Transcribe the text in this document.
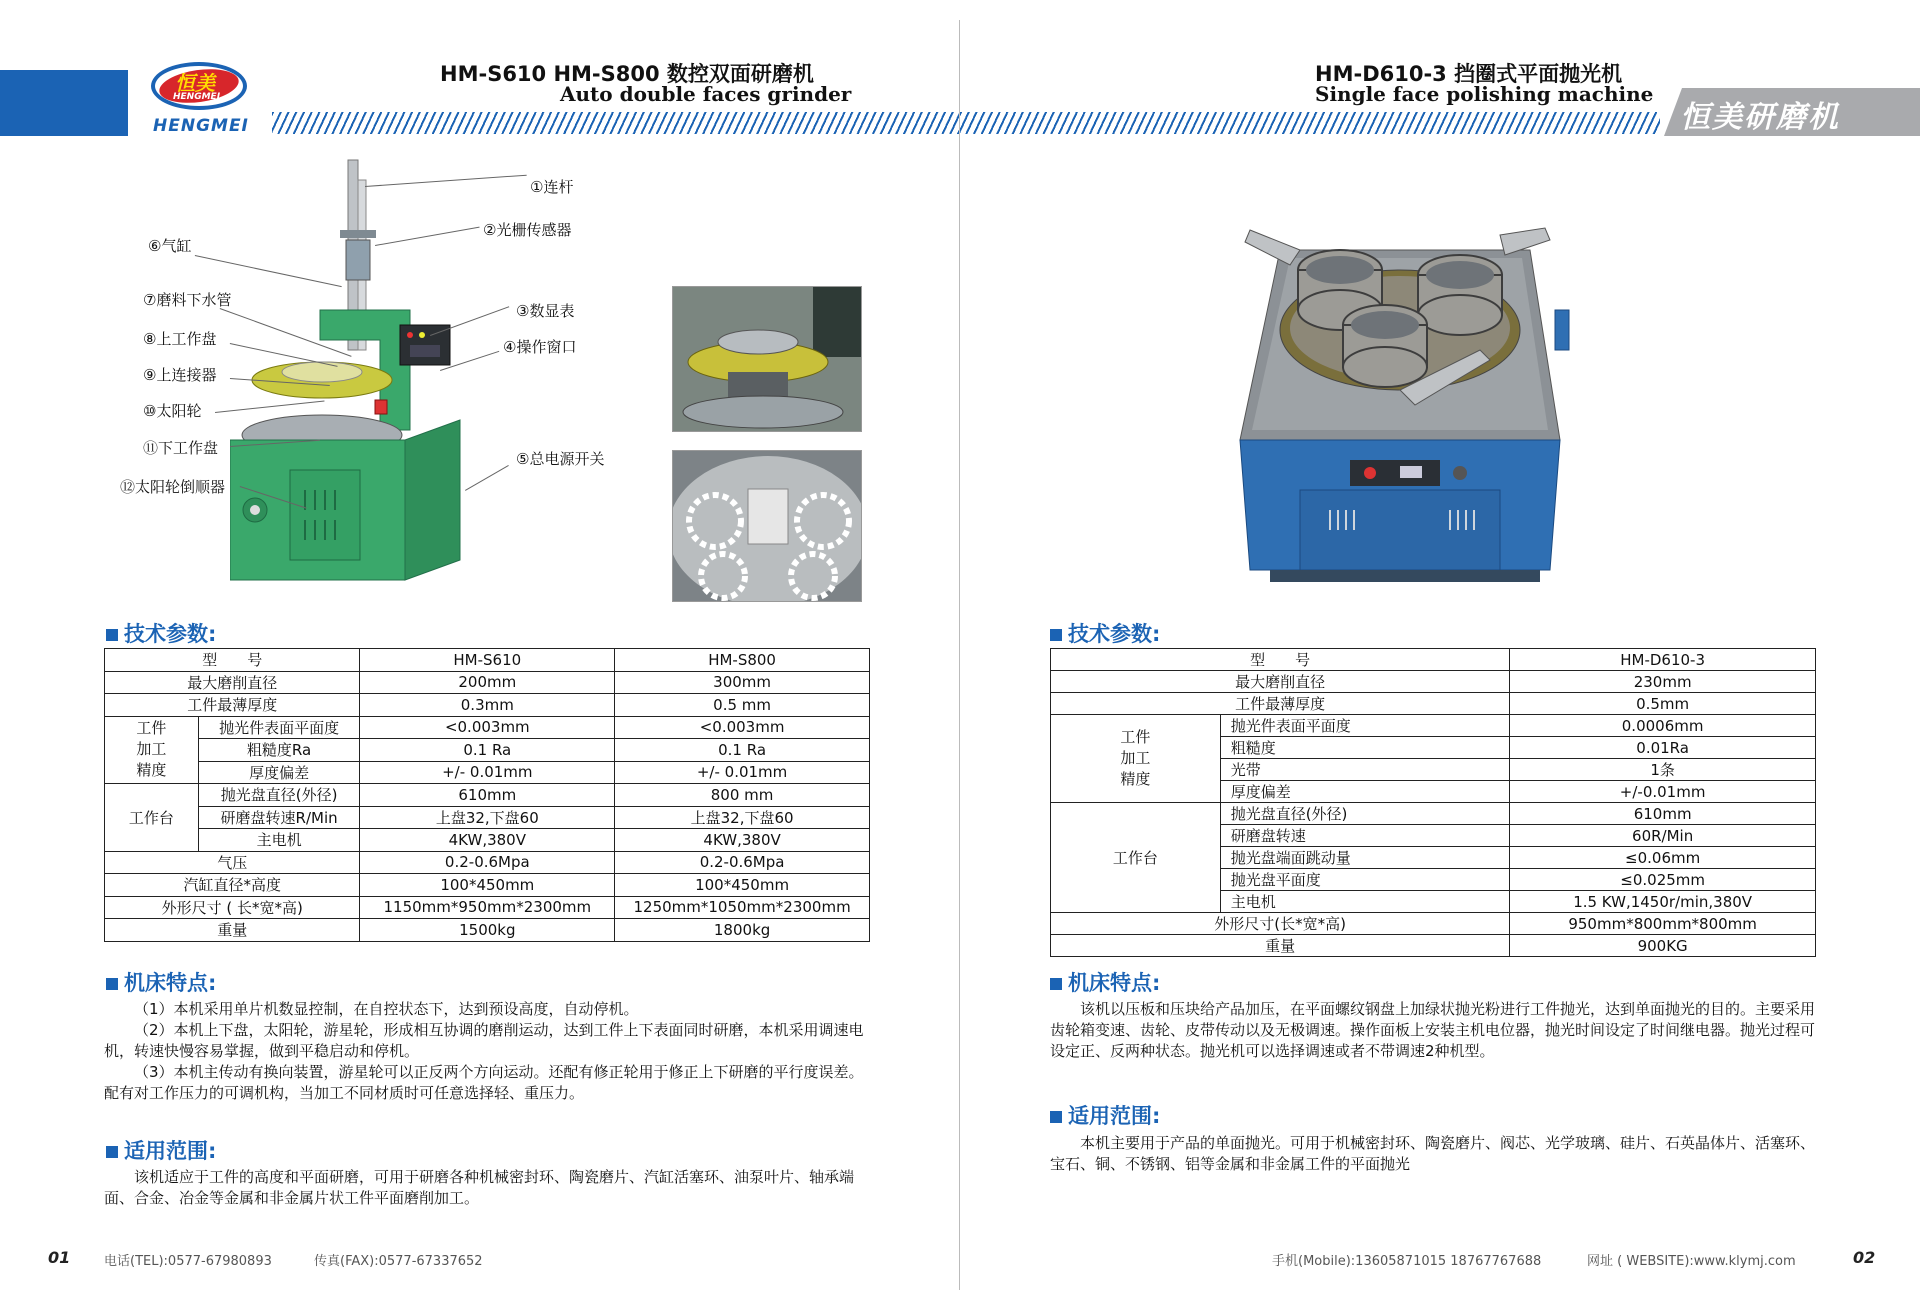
恒美
HENGMEI
HENGMEI
HM-S610 HM-S800 数控双面研磨机
Auto double faces grinder
①连杆
②光栅传感器
③数显表
④操作窗口
⑤总电源开关
⑥气缸
⑦磨料下水管
⑧上工作盘
⑨上连接器
⑩太阳轮
⑪下工作盘
⑫太阳轮倒顺器
技术参数:
型　　号		HM-S610	HM-S800
最大磨削直径		200mm	300mm
工件最薄厚度		0.3mm	0.5 mm
工件
加工
精度	抛光件表面平面度	<0.003mm	<0.003mm
	粗糙度Ra	0.1 Ra	0.1 Ra
	厚度偏差	+/- 0.01mm	+/- 0.01mm
工作台	抛光盘直径(外径)	610mm	800 mm
	研磨盘转速R/Min	上盘32,下盘60	上盘32,下盘60
	主电机	4KW,380V	4KW,380V
气压		0.2-0.6Mpa	0.2-0.6Mpa
汽缸直径*高度		100*450mm	100*450mm
外形尺寸 ( 长*宽*高)		1150mm*950mm*2300mm	1250mm*1050mm*2300mm
重量		1500kg	1800kg
机床特点:

（1）本机采用单片机数显控制，在自控状态下，达到预设高度，自动停机。

（2）本机上下盘，太阳轮，游星轮，形成相互协调的磨削运动，达到工件上下表面同时研磨，本机采用调速电机，转速快慢容易掌握，做到平稳启动和停机。

（3）本机主传动有换向装置，游星轮可以正反两个方向运动。还配有修正轮用于修正上下研磨的平行度误差。配有对工作压力的可调机构，当加工不同材质时可任意选择轻、重压力。

适用范围:
该机适应于工件的高度和平面研磨，可用于研磨各种机械密封环、陶瓷磨片、汽缸活塞环、油泵叶片、轴承端面、合金、冶金等金属和非金属片状工件平面磨削加工。
01	电话(TEL):0577-67980893	传真(FAX):0577-67337652
HM-D610-3 挡圈式平面抛光机
Single face polishing machine
恒美研磨机
技术参数:
型　　号		HM-D610-3
最大磨削直径		230mm
工件最薄厚度		0.5mm
工件
加工
精度	抛光件表面平面度	0.0006mm
	粗糙度	0.01Ra
	光带	1条
	厚度偏差	+/-0.01mm
工作台	抛光盘直径(外径)	610mm
	研磨盘转速	60R/Min
	抛光盘端面跳动量	≤0.06mm
	抛光盘平面度	≤0.025mm
	主电机	1.5 KW,1450r/min,380V
外形尺寸(长*宽*高)		950mm*800mm*800mm
重量		900KG
机床特点:
该机以压板和压块给产品加压，在平面螺纹钢盘上加绿状抛光粉进行工件抛光，达到单面抛光的目的。主要采用齿轮箱变速、齿轮、皮带传动以及无极调速。操作面板上安装主机电位器，抛光时间设定了时间继电器。抛光过程可设定正、反两种状态。抛光机可以选择调速或者不带调速2种机型。
适用范围:
本机主要用于产品的单面抛光。可用于机械密封环、陶瓷磨片、阀芯、光学玻璃、硅片、石英晶体片、活塞环、宝石、铜、不锈钢、铝等金属和非金属工件的平面抛光
手机(Mobile):13605871015 18767767688	网址 ( WEBSITE):www.klymj.com	02
